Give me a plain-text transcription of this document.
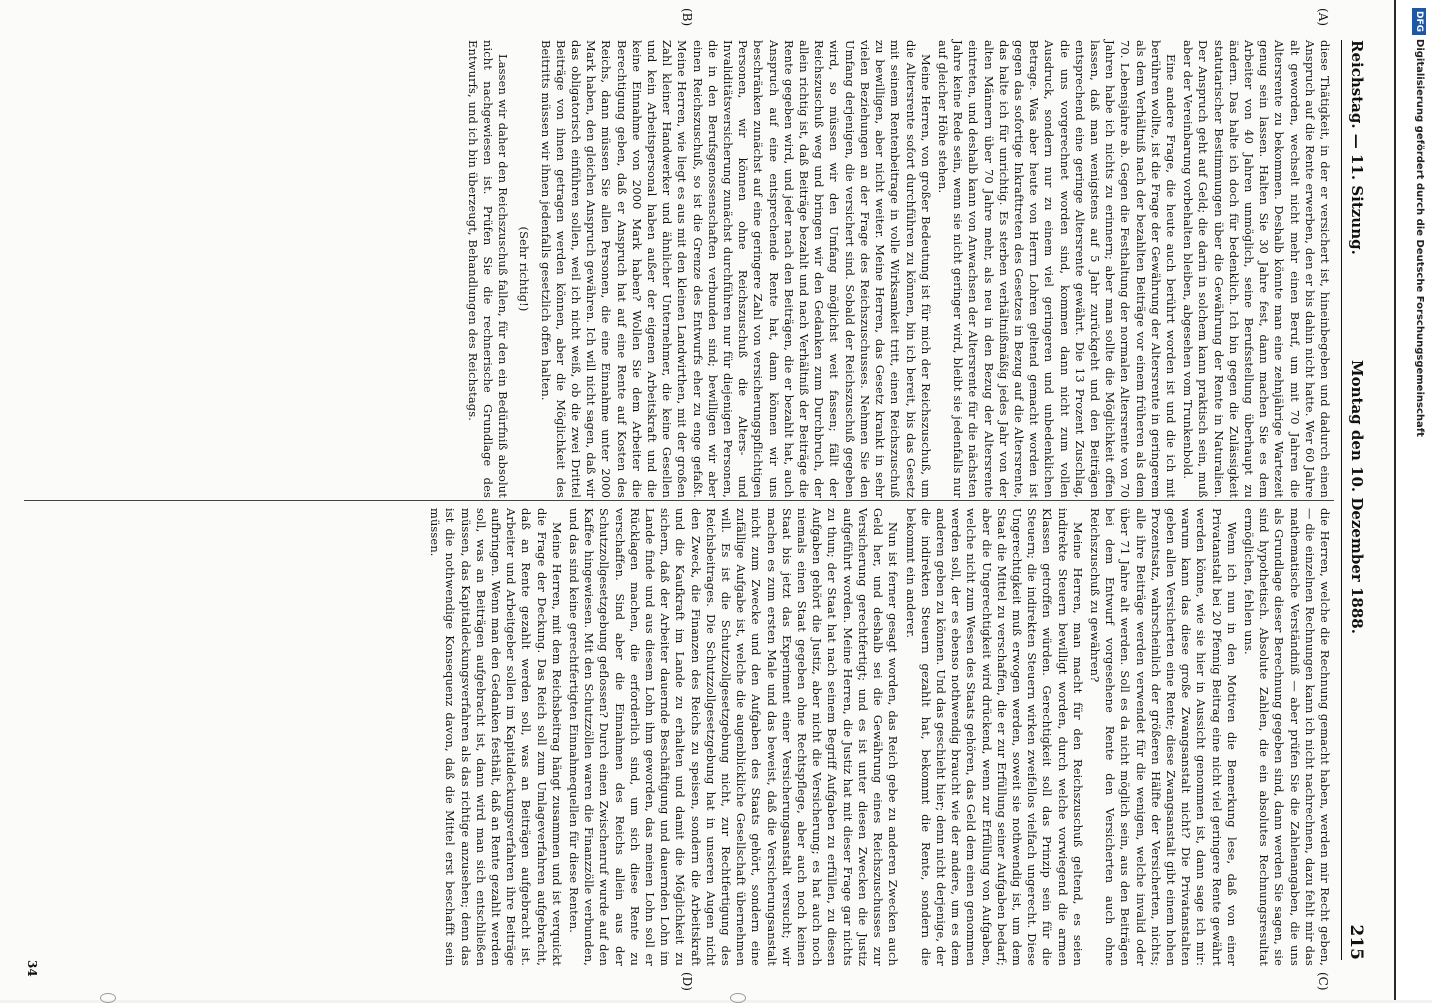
Reichstag. — 11. Sitzung.
Montag den 10. Dezember 1888.
215
(A)
(B)
(C)
(D)

diese Thätigkeit, in der er versichert ist, hineinbegeben und dadurch einen Anspruch auf die Rente erwerben, den er bis dahin nicht hatte. Wer 60 Jahre alt geworden, wechselt nicht mehr einen Beruf, um mit 70 Jahren die Altersrente zu bekommen. Deshalb könnte man eine zehnjährige Wartezeit genug sein lassen. Halten Sie 30 Jahre fest, dann machen Sie es dem Arbeiter von 40 Jahren unmöglich, seine Berufsstellung überhaupt zu ändern. Das halte ich doch für bedenklich. Ich bin gegen die Zulässigkeit statutarischer Bestimmungen über die Gewährung der Rente in Naturalien. Der Anspruch geht auf Geld; die darin in solchem kann praktisch sein, muß aber der Vereinbarung vorbehalten bleiben, abgesehen vom Trunkenbold.

Eine andere Frage, die heute auch berührt worden ist und die ich mit berühren wollte, ist die Frage der Gewährung der Altersrente in geringerem als dem Verhältniß nach der bezahlten Beiträge vor einem früheren als dem 70. Lebensjahre ab. Gegen die Festhaltung der normalen Altersrente von 70 Jahren habe ich nichts zu erinnern; aber man sollte die Möglichkeit offen lassen, daß man wenigstens auf 5 Jahr zurückgeht und den Beiträgen entsprechend eine geringe Altersrente gewährt. Die 13 Prozent Zuschlag, die uns vorgerechnet worden sind, kommen dann nicht zum vollen Ausdruck, sondern nur zu einem viel geringeren und unbedenklichen Betrage. Was aber heute von Herrn Lohren geltend gemacht worden ist gegen das sofortige Inkrafttreten des Gesetzes in Bezug auf die Altersrente, das halte ich für unrichtig. Es sterben verhältnißmäßig jedes Jahr von der alten Männern über 70 Jahre mehr, als neu in den Bezug der Altersrente eintreten, und deshalb kann von Anwachsen der Altersrente für die nächsten Jahre keine Rede sein, wenn sie nicht geringer wird, bleibt sie jedenfalls nur auf gleicher Höhe stehen.

Meine Herren, von großer Bedeutung ist für mich der Reichszuschuß, um die Altersrente sofort durchführen zu können, bin ich bereit, bis das Gesetz mit seinem Rentenbeitrage in volle Wirksamkeit tritt, einen Reichszuschuß zu bewilligen, aber nicht weiter. Meine Herren, das Gesetz krankt in sehr vielen Beziehungen an der Frage des Reichszuschusses. Nehmen Sie den Umfang derjenigen, die versichert sind. Sobald der Reichszuschuß gegeben wird, so müssen wir den Umfang möglichst weit fassen; fällt der Reichszuschuß weg und bringen wir den Gedanken zum Durchbruch, der allein richtig ist, daß Beiträge bezahlt und nach Verhältniß der Beiträge die Rente gegeben wird, und jeder nach den Beiträgen, die er bezahlt hat, auch Anspruch auf eine entsprechende Rente hat, dann können wir uns beschränken zunächst auf eine geringere Zahl von versicherungspflichtigen Personen, wir können ohne Reichszuschuß die Alters- und Invaliditätsversicherung zunächst durchführen nur für diejenigen Personen, die in den Berufsgenossenschaften verbunden sind; bewilligen wir aber einen Reichszuschuß, so ist die Grenze des Entwurfs eher zu enge gefaßt. Meine Herren, wie liegt es aus mit den kleinen Landwirthen, mit der großen Zahl kleiner Handwerker und ähnlicher Unternehmer, die keine Gesellen und kein Arbeitspersonal haben außer der eigenen Arbeitskraft und die keine Einnahme von 2000 Mark haben? Wollen Sie dem Arbeiter die Berechtigung geben, daß er Anspruch hat auf eine Rente auf Kosten des Reichs, dann müssen Sie allen Personen, die eine Einnahme unter 2000 Mark haben, den gleichen Anspruch gewähren. Ich will nicht sagen, daß wir das obligatorisch einführen sollen, weil ich nicht weiß, ob die zwei Drittel Beiträge von ihnen getragen werden können, aber die Möglichkeit des Beitritts müssen wir ihnen jedenfalls gesetzlich offen halten.

(Sehr richtig!)

Lassen wir daher den Reichszuschuß fallen, für den ein Bedürfniß absolut nicht nachgewiesen ist. Prüfen Sie die rechnerische Grundlage des Entwurfs, und ich bin überzeugt, Behandlungen des Reichstags.

die Herren, welche die Rechnung gemacht haben, werden mir Recht geben, — die einzelnen Rechnungen kann ich nicht nachrechnen, dazu fehlt mir das mathematische Verständniß — aber prüfen Sie die Zahlenangaben, die uns als Grundlage dieser Berechnung gegeben sind, dann werden Sie sagen, sie sind hypothetisch. Absolute Zahlen, die ein absolutes Rechnungsresultat ermöglichen, fehlen uns.

Wenn ich nun in den Motiven die Bemerkung lese, daß von einer Privatanstalt bei 20 Pfennig Beitrag eine nicht viel geringere Rente gewährt werden könne, wie sie hier in Aussicht genommen ist, dann sage ich mir: warum kann das diese große Zwangsanstalt nicht? Die Privatanstalten geben allen Versicherten eine Rente; diese Zwangsanstalt gibt einem hohen Prozentsatz, wahrscheinlich der größeren Hälfte der Versicherten, nichts; alle ihre Beiträge werden verwendet für die wenigen, welche invalid oder über 71 Jahre alt werden. Soll es da nicht möglich sein, aus den Beiträgen bei dem Entwurf vorgesehene Rente den Versicherten auch ohne Reichszuschuß zu gewähren?

Meine Herren, man macht für den Reichszuschuß geltend, es seien indirekte Steuern bewilligt worden, durch welche vorwiegend die armen Klassen getroffen würden. Gerechtigkeit soll das Prinzip sein für die Steuern; die indirekten Steuern wirken zweifellos vielfach ungerecht. Diese Ungerechtigkeit muß erwogen werden, soweit sie nothwendig ist, um dem Staat die Mittel zu verschaffen, die er zur Erfüllung seiner Aufgaben bedarf; aber die Ungerechtigkeit wird drückend, wenn zur Erfüllung von Aufgaben, welche nicht zum Wesen des Staats gehören, das Geld dem einen genommen werden soll, der es ebenso nothwendig braucht wie der andere, um es dem anderen geben zu können. Und das geschieht hier; denn nicht derjenige, der die indirekten Steuern gezahlt hat, bekommt die Rente, sondern die bekommt ein anderer.

Nun ist ferner gesagt worden, das Reich gebe zu anderen Zwecken auch Geld her, und deshalb sei die Gewährung eines Reichszuschusses zur Versicherung gerechtfertigt; und es ist unter diesen Zwecken die Justiz aufgeführt worden. Meine Herren, die Justiz hat mit dieser Frage gar nichts zu thun; der Staat hat nach seinem Begriff Aufgaben zu erfüllen, zu diesen Aufgaben gehört die Justiz, aber nicht die Versicherung; es hat auch noch niemals einen Staat gegeben ohne Rechtspflege, aber auch noch keinen Staat bis jetzt das Experiment einer Versicherungsanstalt versucht; wir machen es zum ersten Male und das beweist, daß die Versicherungsanstalt nicht zum Zwecke und den Aufgaben des Staats gehört, sondern eine zufällige Aufgabe ist, welche die augenblickliche Gesellschaft übernehmen will. Es ist die Schutzzollgesetzgebung nicht, zur Rechtfertigung des Reichsbeitrages. Die Schutzzollgesetzgebung hat in unseren Augen nicht den Zweck, die Finanzen des Reichs zu speisen, sondern die Arbeitskraft und die Kaufkraft im Lande zu erhalten und damit die Möglichkeit zu sichern, daß der Arbeiter dauernde Beschäftigung und dauernden Lohn im Lande finde und aus diesem Lohn ihm geworden, das meinen Lohn soll er Rücklagen machen, die erforderlich sind, um sich diese Rente zu verschaffen. Sind aber die Einnahmen des Reichs allein aus der Schutzzollgesetzgebung geflossen? Durch einen Zwischenruf wurde auf den Kaffee hingewiesen. Mit den Schutzzöllen waren die Finanzzölle verbunden, und das sind keine gerechtfertigten Einnahmequellen für diese Renten.

Meine Herren, mit dem Reichsbeitrag hängt zusammen und ist verquickt die Frage der Deckung. Das Reich soll zum Umlageverfahren aufgebracht, daß an Rente gezahlt werden soll, was an Beiträgen aufgebracht ist. Arbeiter und Arbeitgeber sollen im Kapitaldeckungsverfahren ihre Beiträge aufbringen. Wenn man den Gedanken festhält, daß an Rente gezahlt werden soll, was an Beiträgen aufgebracht ist, dann wird man sich entschließen müssen, das Kapitaldeckungsverfahren als das richtige anzusehen; denn das ist die nothwendige Konsequenz davon, daß die Mittel erst beschafft sein müssen.

34
DFGDigitalisierung gefördert durch die Deutsche Forschungsgemeinschaft
